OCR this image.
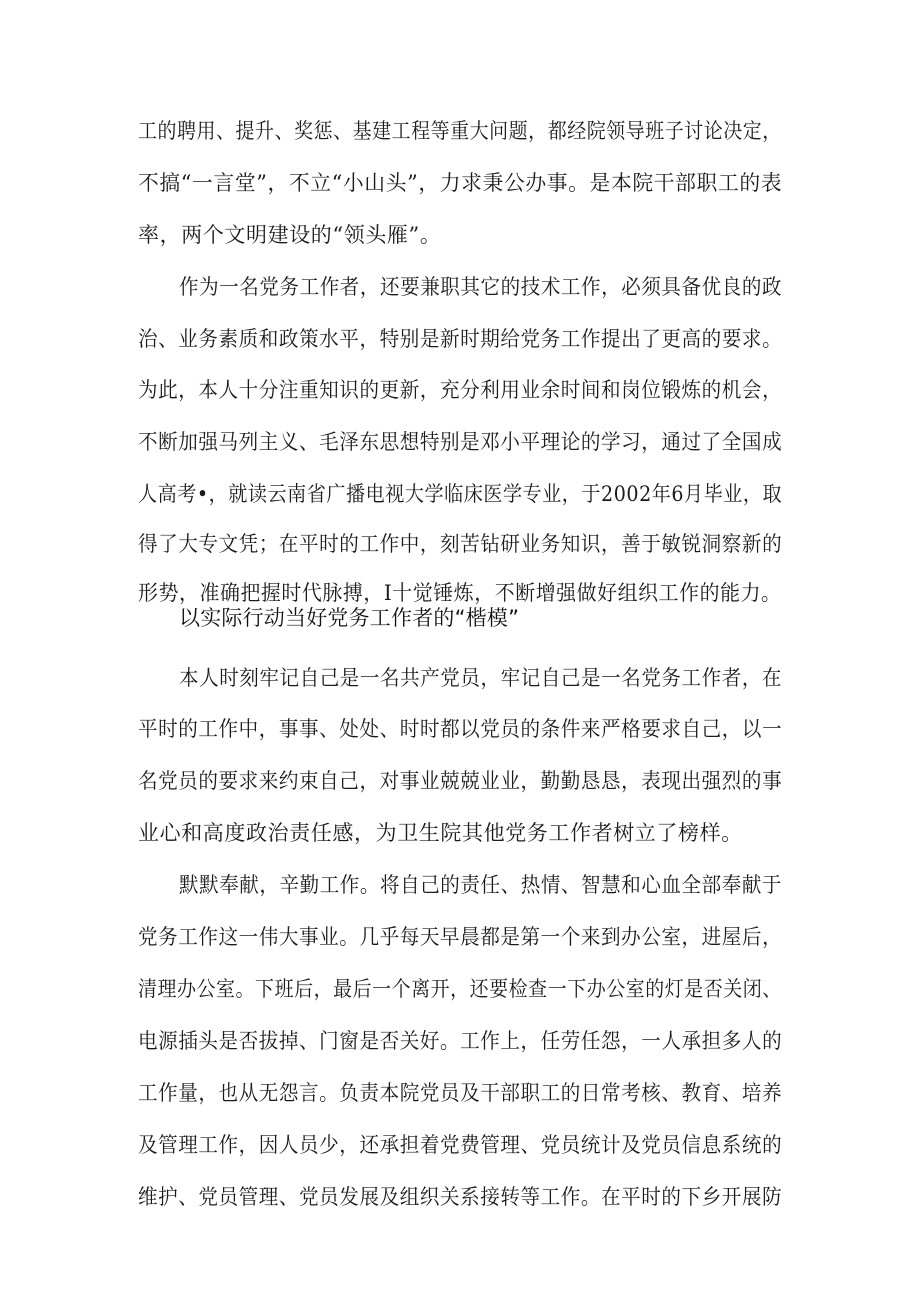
工的聘用、提升、奖惩、基建工程等重大问题，都经院领导班子讨论决定，
不搞“一言堂”，不立“小山头”，力求秉公办事。是本院干部职工的表
率，两个文明建设的“领头雁”。
作为一名党务工作者，还要兼职其它的技术工作，必须具备优良的政
治、业务素质和政策水平，特别是新时期给党务工作提出了更高的要求。
为此，本人十分注重知识的更新，充分利用业余时间和岗位锻炼的机会，
不断加强马列主义、毛泽东思想特别是邓小平理论的学习，通过了全国成
人高考•，就读云南省广播电视大学临床医学专业，于2002年6月毕业，取
得了大专文凭；在平时的工作中，刻苦钻研业务知识，善于敏锐洞察新的
形势，准确把握时代脉搏，I十觉锤炼，不断增强做好组织工作的能力。
以实际行动当好党务工作者的“楷模”
本人时刻牢记自己是一名共产党员，牢记自己是一名党务工作者，在
平时的工作中，事事、处处、时时都以党员的条件来严格要求自己，以一
名党员的要求来约束自己，对事业兢兢业业，勤勤恳恳，表现出强烈的事
业心和高度政治责任感，为卫生院其他党务工作者树立了榜样。
默默奉献，辛勤工作。将自己的责任、热情、智慧和心血全部奉献于
党务工作这一伟大事业。几乎每天早晨都是第一个来到办公室，进屋后，
清理办公室。下班后，最后一个离开，还要检查一下办公室的灯是否关闭、
电源插头是否拔掉、门窗是否关好。工作上，任劳任怨，一人承担多人的
工作量，也从无怨言。负责本院党员及干部职工的日常考核、教育、培养
及管理工作，因人员少，还承担着党费管理、党员统计及党员信息系统的
维护、党员管理、党员发展及组织关系接转等工作。在平时的下乡开展防
